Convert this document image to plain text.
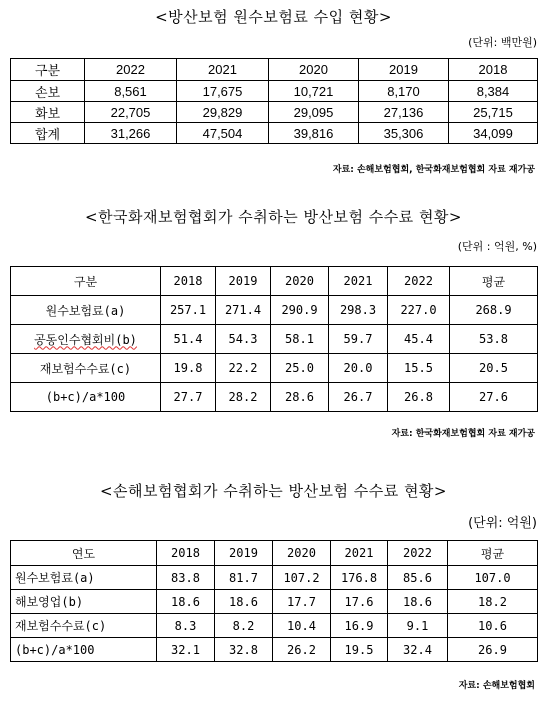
<방산보험 원수보험료 수입 현황>
(단위: 백만원)
구분	2022	2021	2020	2019	2018
손보	8,561	17,675	10,721	8,170	8,384
화보	22,705	29,829	29,095	27,136	25,715
합계	31,266	47,504	39,816	35,306	34,099
자료: 손해보험협회, 한국화재보험협회 자료 재가공
<한국화재보험협회가 수취하는 방산보험 수수료 현황>
(단위 : 억원, %)
구분	2018	2019	2020	2021	2022	평균
원수보험료(a)	257.1	271.4	290.9	298.3	227.0	268.9
공동인수협회비(b)	51.4	54.3	58.1	59.7	45.4	53.8
재보험수수료(c)	19.8	22.2	25.0	20.0	15.5	20.5
(b+c)/a*100	27.7	28.2	28.6	26.7	26.8	27.6
자료: 한국화재보험협회 자료 재가공
<손해보험협회가 수취하는 방산보험 수수료 현황>
(단위: 억원)
연도	2018	2019	2020	2021	2022	평균
원수보험료(a)	83.8	81.7	107.2	176.8	85.6	107.0
해보영업(b)	18.6	18.6	17.7	17.6	18.6	18.2
재보험수수료(c)	8.3	8.2	10.4	16.9	9.1	10.6
(b+c)/a*100	32.1	32.8	26.2	19.5	32.4	26.9
자료: 손해보험협회
